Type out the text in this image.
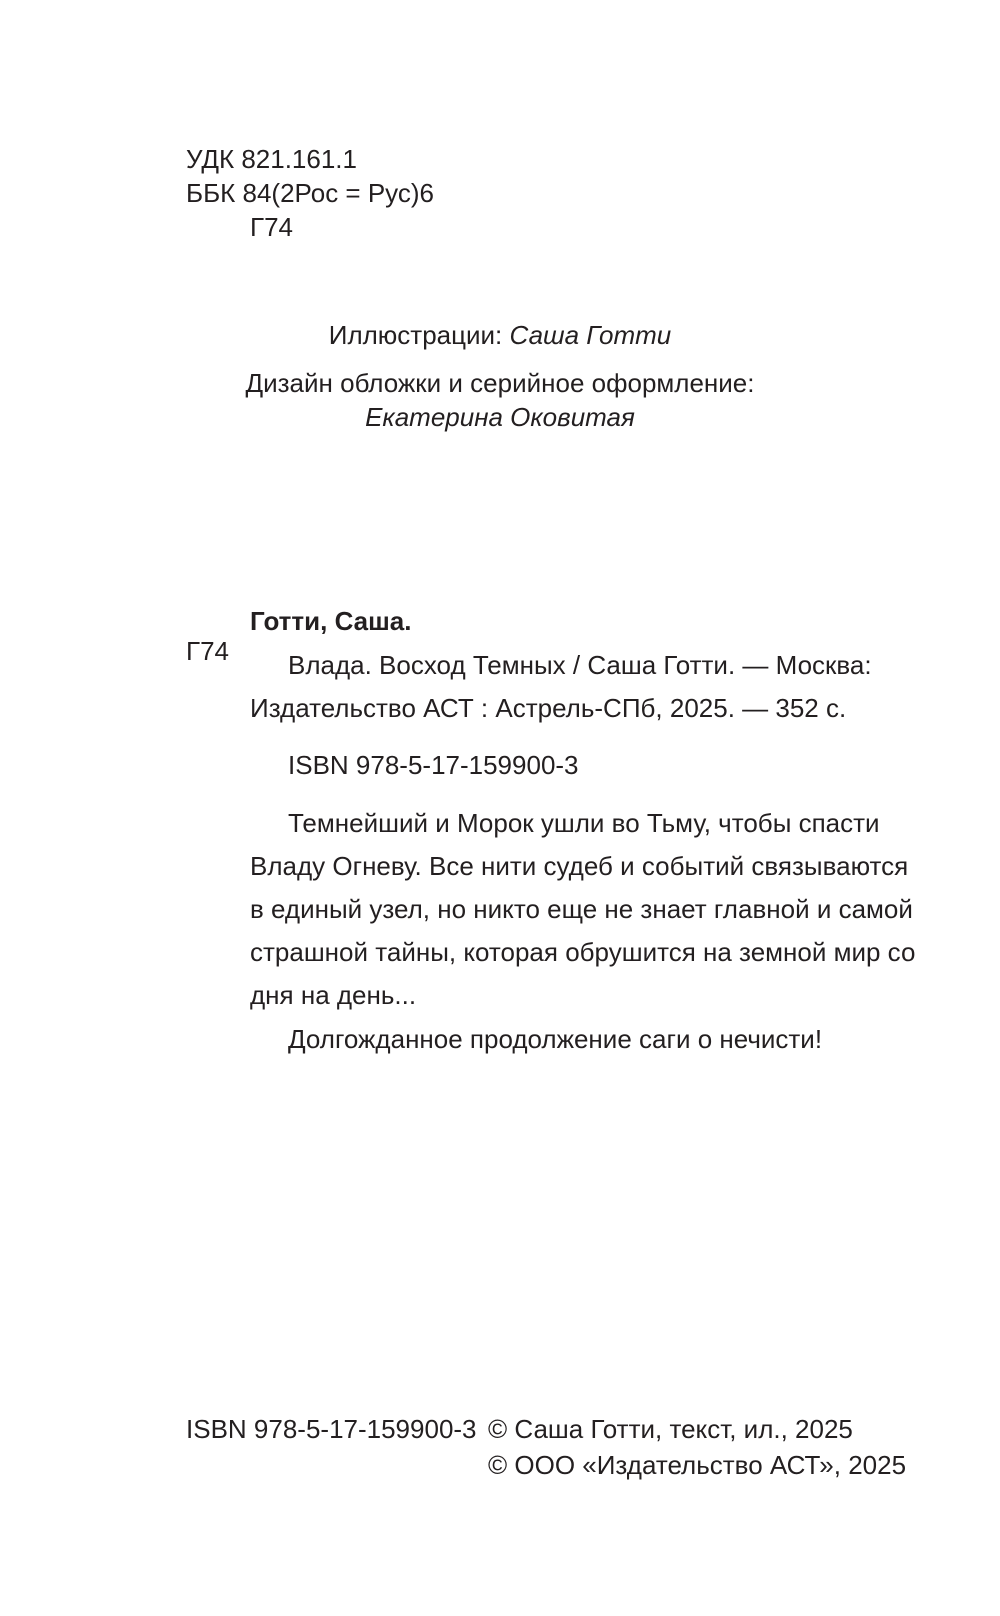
УДК 821.161.1
ББК 84(2Рос = Рус)6
Г74
Иллюстрации: Саша Готти
Дизайн обложки и серийное оформление:
Екатерина Оковитая
Готти, Саша.
Г74 Влада. Восход Темных / Саша Готти. — Москва:
Издательство АСТ : Астрель-СПб, 2025. — 352 с.
ISBN 978-5-17-159900-3
Темнейший и Морок ушли во Тьму, чтобы спасти
Владу Огневу. Все нити судеб и событий связываются
в единый узел, но никто еще не знает главной и самой
страшной тайны, которая обрушится на земной мир со
дня на день...
Долгожданное продолжение саги о нечисти!
ISBN 978-5-17-159900-3 © Саша Готти, текст, ил., 2025
© ООО «Издательство АСТ», 2025
